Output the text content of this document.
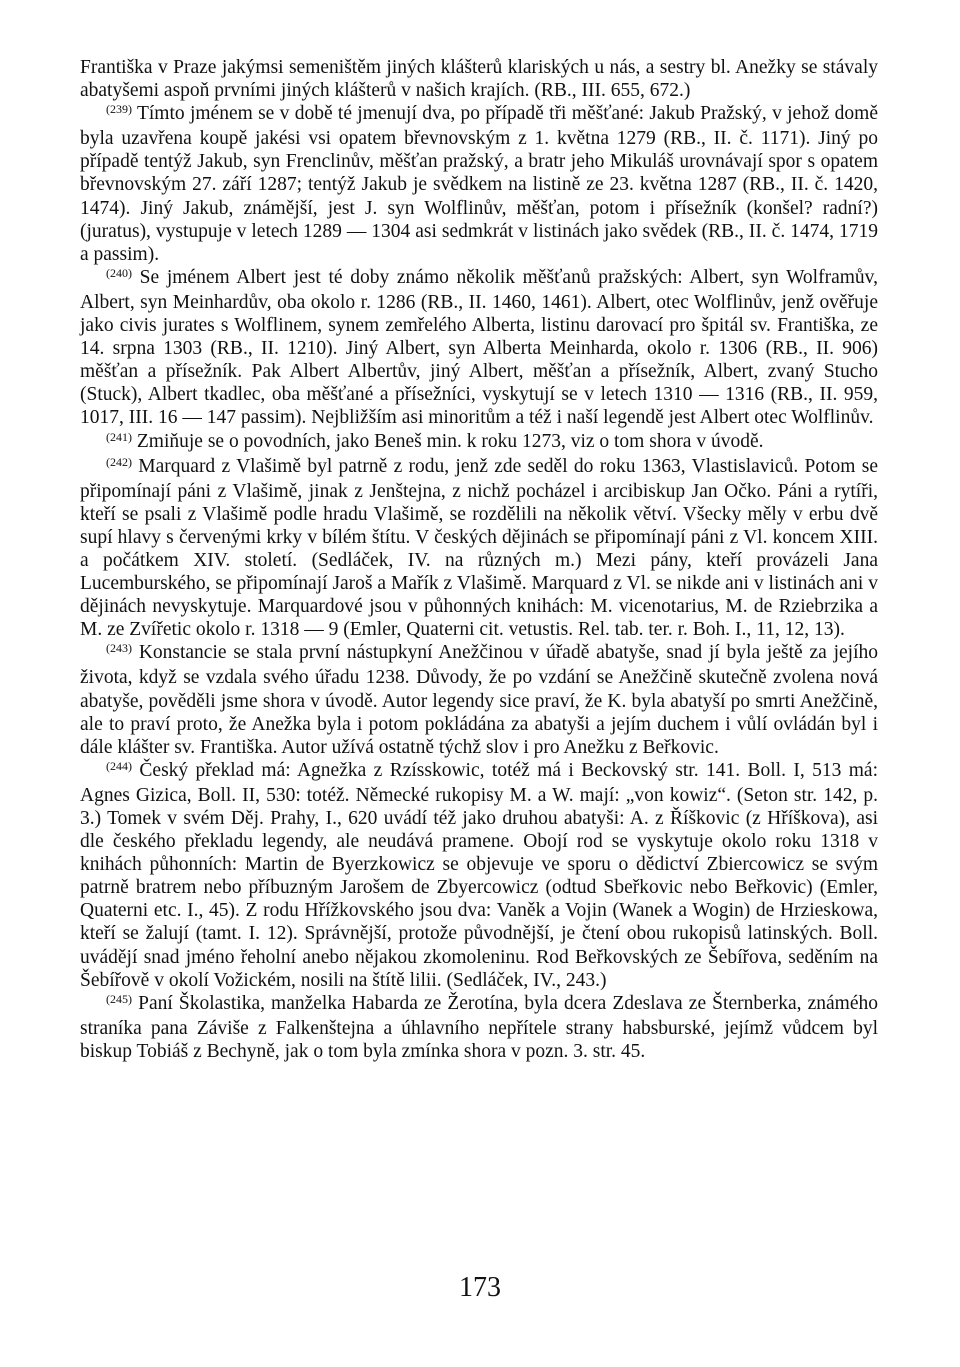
Františka v Praze jakýmsi semeništěm jiných klášterů klariských u nás, a sestry bl. Anežky se stávaly abatyšemi aspoň prvními jiných klášterů v našich krajích. (RB., III. 655, 672.)

$^{(239)}$ Tímto jménem se v době té jmenují dva, po případě tři měšťané: Jakub Pražský, v jehož domě byla uzavřena koupě jakési vsi opatem břevnovským z 1. května 1279 (RB., II. č. 1171). Jiný po případě tentýž Jakub, syn Frenclinův, měšťan pražský, a bratr jeho Mikuláš urovnávají spor s opatem břevnovským 27. září 1287; tentýž Jakub je svědkem na listině ze 23. května 1287 (RB., II. č. 1420, 1474). Jiný Jakub, známější, jest J. syn Wolflinův, měšťan, potom i přísežník (konšel? radní?) (juratus), vystupuje v letech 1289 — 1304 asi sedmkrát v listinách jako svědek (RB., II. č. 1474, 1719 a passim).

$^{(240)}$ Se jménem Albert jest té doby známo několik měšťanů pražských: Albert, syn Wolframův, Albert, syn Meinhardův, oba okolo r. 1286 (RB., II. 1460, 1461). Albert, otec Wolflinův, jenž ověřuje jako civis jurates s Wolflinem, synem zemřelého Alberta, listinu darovací pro špitál sv. Františka, ze 14. srpna 1303 (RB., II. 1210). Jiný Albert, syn Alberta Meinharda, okolo r. 1306 (RB., II. 906) měšťan a přísežník. Pak Albert Albertův, jiný Albert, měšťan a přísežník, Albert, zvaný Stucho (Stuck), Albert tkadlec, oba měšťané a přísežníci, vyskytují se v letech 1310 — 1316 (RB., II. 959, 1017, III. 16 — 147 passim). Nejbližším asi minoritům a též i naší legendě jest Albert otec Wolflinův.

$^{(241)}$ Zmiňuje se o povodních, jako Beneš min. k roku 1273, viz o tom shora v úvodě.

$^{(242)}$ Marquard z Vlašimě byl patrně z rodu, jenž zde seděl do roku 1363, Vlastislaviců. Potom se připomínají páni z Vlašimě, jinak z Jenštejna, z nichž pocházel i arcibiskup Jan Očko. Páni a rytíři, kteří se psali z Vlašimě podle hradu Vlašimě, se rozdělili na několik větví. Všecky měly v erbu dvě supí hlavy s červenými krky v bílém štítu. V českých dějinách se připomínají páni z Vl. koncem XIII. a počátkem XIV. století. (Sedláček, IV. na různých m.) Mezi pány, kteří provázeli Jana Lucemburského, se připomínají Jaroš a Mařík z Vlašimě. Marquard z Vl. se nikde ani v listinách ani v dějinách nevyskytuje. Marquardové jsou v půhonných knihách: M. vicenotarius, M. de Rziebrzika a M. ze Zvířetic okolo r. 1318 — 9 (Emler, Quaterni cit. vetustis. Rel. tab. ter. r. Boh. I., 11, 12, 13).

$^{(243)}$ Konstancie se stala první nástupkyní Anežčinou v úřadě abatyše, snad jí byla ještě za jejího života, když se vzdala svého úřadu 1238. Důvody, že po vzdání se Anežčině skutečně zvolena nová abatyše, pověděli jsme shora v úvodě. Autor legendy sice praví, že K. byla abatyší po smrti Anežčině, ale to praví proto, že Anežka byla i potom pokládána za abatyši a jejím duchem i vůlí ovládán byl i dále klášter sv. Františka. Autor užívá ostatně týchž slov i pro Anežku z Beřkovic.

$^{(244)}$ Český překlad má: Agnežka z Rzísskowic, totéž má i Beckovský str. 141. Boll. I, 513 má: Agnes Gizica, Boll. II, 530: totéž. Německé rukopisy M. a W. mají: „von kowiz“. (Seton str. 142, p. 3.) Tomek v svém Děj. Prahy, I., 620 uvádí též jako druhou abatyši: A. z Říškovic (z Hříškova), asi dle českého překladu legendy, ale neudává pramene. Obojí rod se vyskytuje okolo roku 1318 v knihách půhonních: Martin de Byerzkowicz se objevuje ve sporu o dědictví Zbiercowicz se svým patrně bratrem nebo příbuzným Jarošem de Zbyercowicz (odtud Sbeřkovic nebo Beřkovic) (Emler, Quaterni etc. I., 45). Z rodu Hřížkovského jsou dva: Vaněk a Vojin (Wanek a Wogin) de Hrzieskowa, kteří se žalují (tamt. I. 12). Správnější, protože původnější, je čtení obou rukopisů latinských. Boll. uvádějí snad jméno řeholní anebo nějakou zkomoleninu. Rod Beřkovských ze Šebířova, seděním na Šebířově v okolí Vožickém, nosili na štítě lilii. (Sedláček, IV., 243.)

$^{(245)}$ Paní Školastika, manželka Habarda ze Žerotína, byla dcera Zdeslava ze Šternberka, známého straníka pana Záviše z Falkenštejna a úhlavního nepřítele strany habsburské, jejímž vůdcem byl biskup Tobiáš z Bechyně, jak o tom byla zmínka shora v pozn. 3. str. 45.

173
